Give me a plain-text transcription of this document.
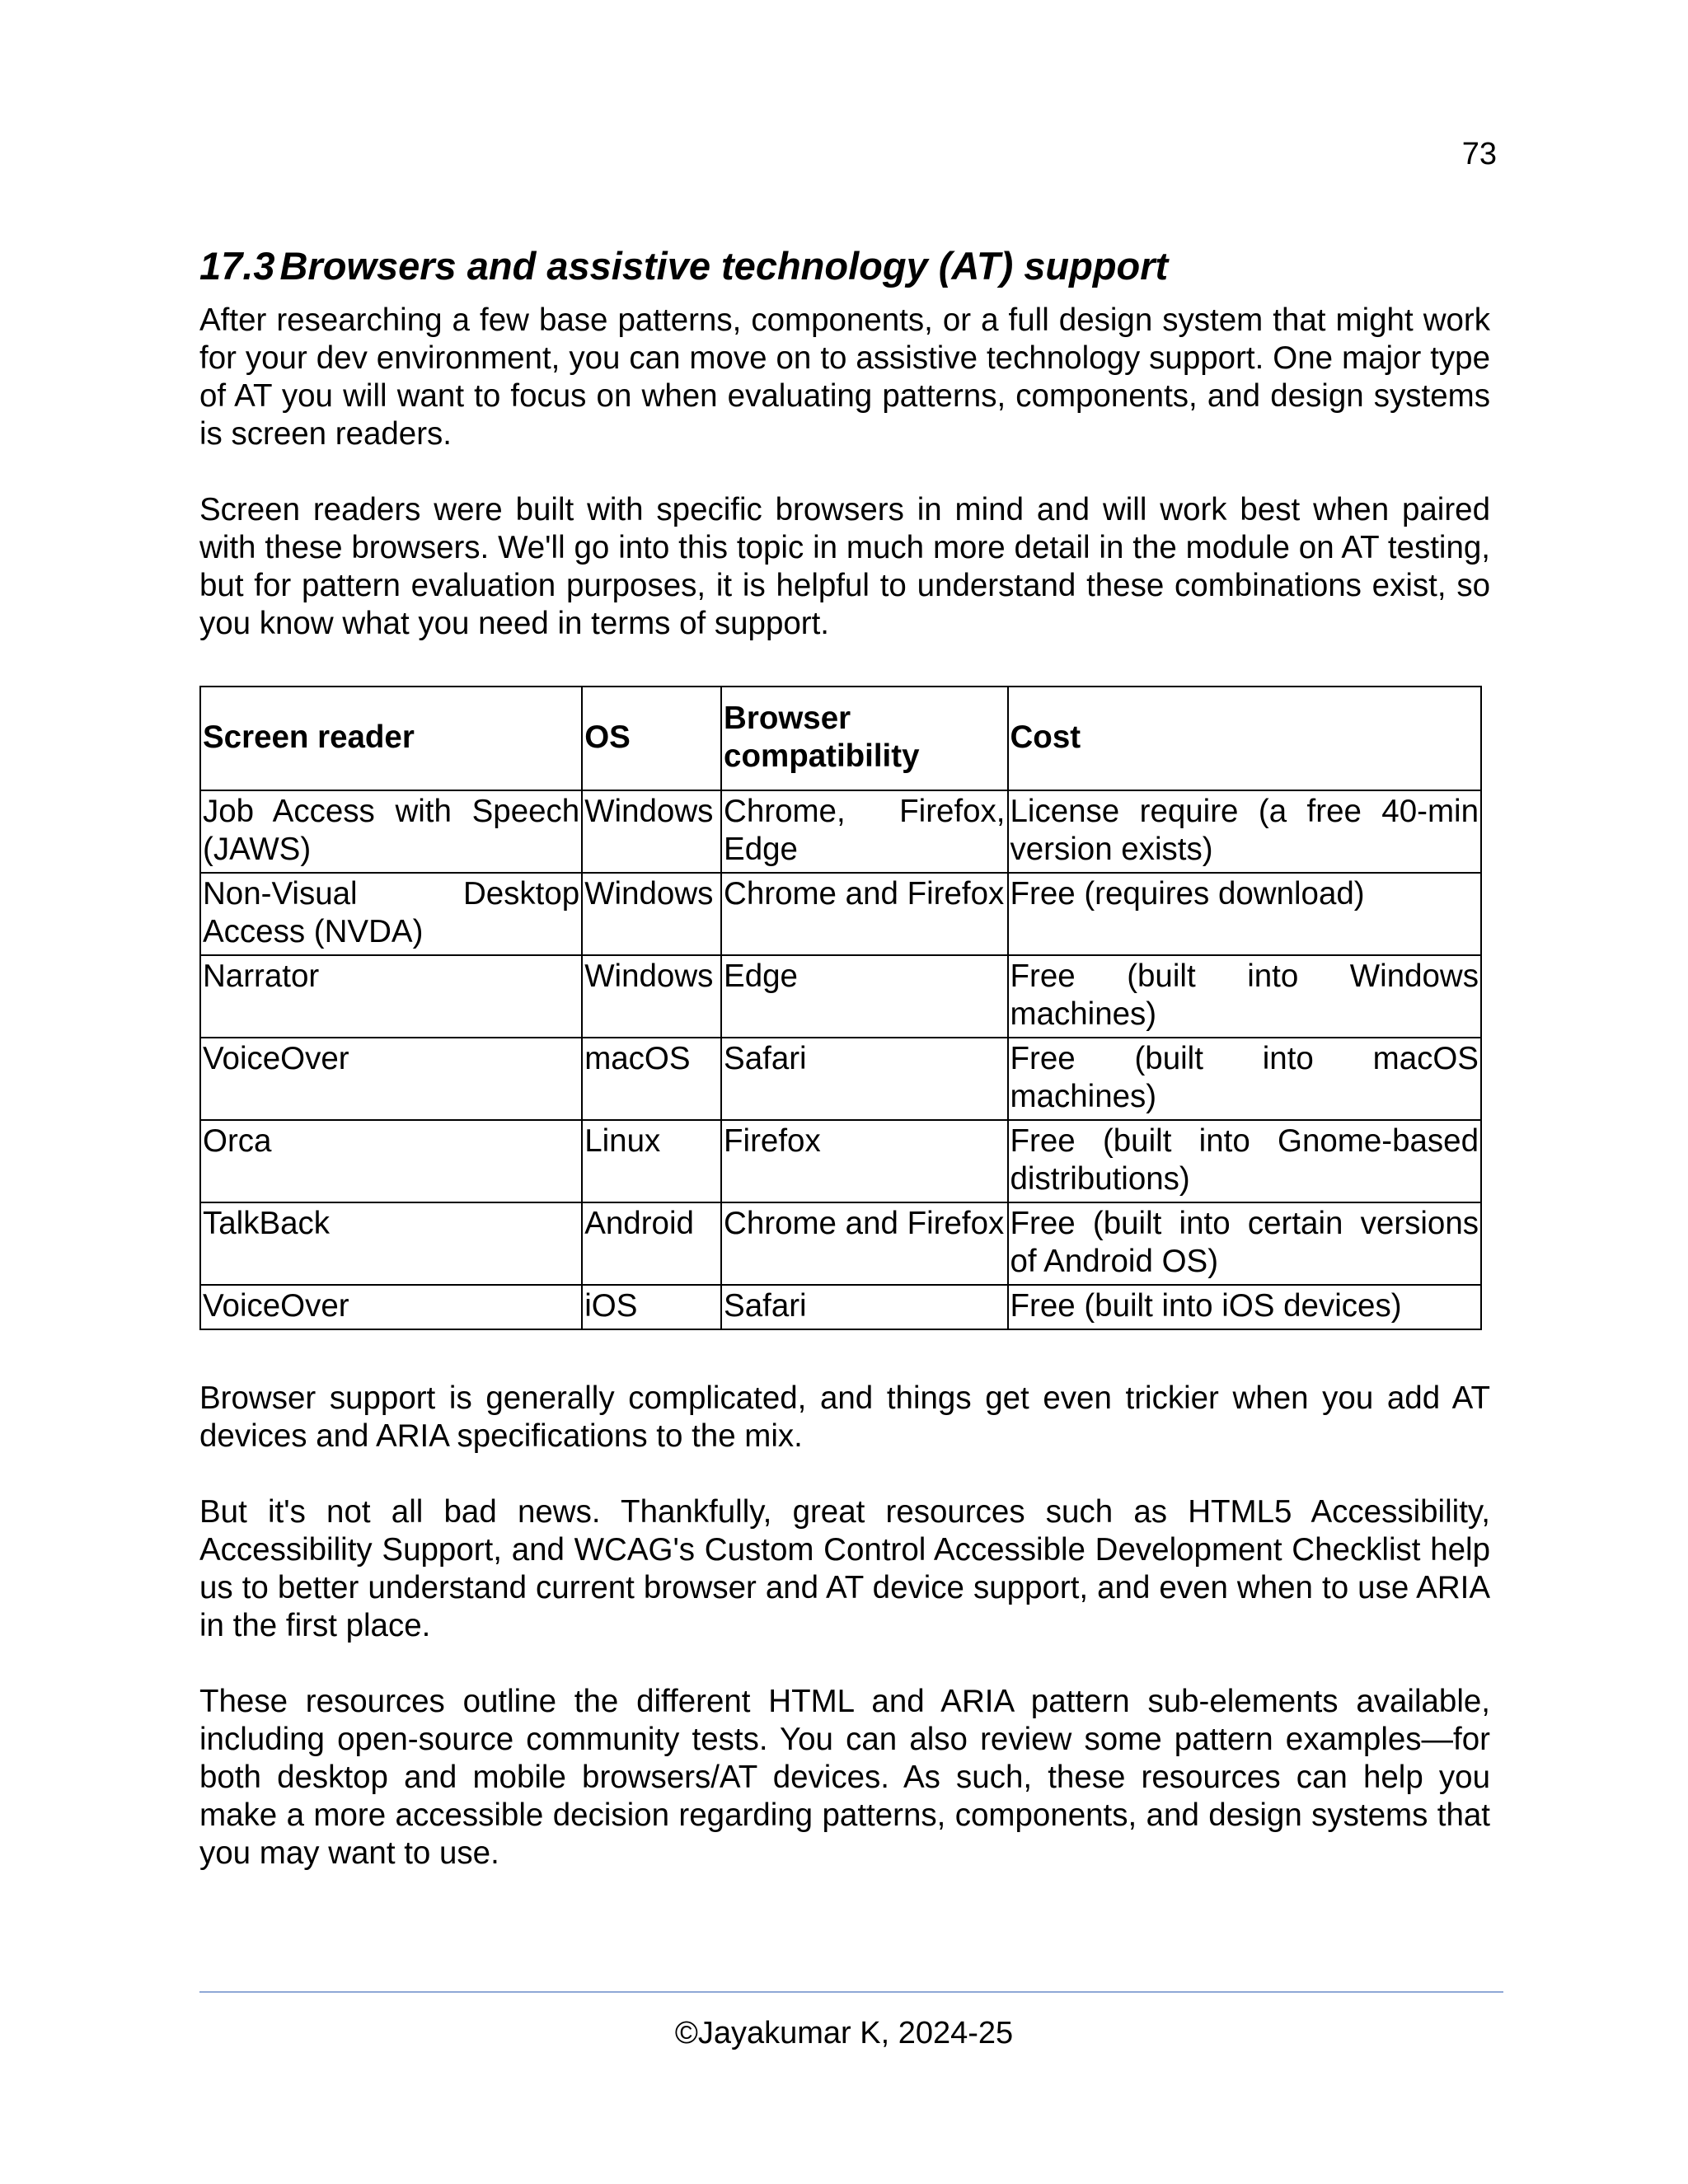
73
17.3 Browsers and assistive technology (AT) support

After researching a few base patterns, components, or a full design system that might work for your dev environment, you can move on to assistive technology support. One major type of AT you will want to focus on when evaluating patterns, components, and design systems is screen readers.

Screen readers were built with specific browsers in mind and will work best when paired with these browsers. We'll go into this topic in much more detail in the module on AT testing, but for pattern evaluation purposes, it is helpful to understand these combinations exist, so you know what you need in terms of support.

Screen reader	OS	Browser compatibility	Cost
Job Access with Speech (JAWS)	Windows	Chrome, Firefox, Edge	License require (a free 40-min version exists)
Non-Visual Desktop Access (NVDA)	Windows	Chrome and Firefox	Free (requires download)
Narrator	Windows	Edge	Free (built into Windows machines)
VoiceOver	macOS	Safari	Free (built into macOS machines)
Orca	Linux	Firefox	Free (built into Gnome-based distributions)
TalkBack	Android	Chrome and Firefox	Free (built into certain versions of Android OS)
VoiceOver	iOS	Safari	Free (built into iOS devices)

Browser support is generally complicated, and things get even trickier when you add AT devices and ARIA specifications to the mix.

But it's not all bad news. Thankfully, great resources such as HTML5 Accessibility, Accessibility Support, and WCAG's Custom Control Accessible Development Checklist help us to better understand current browser and AT device support, and even when to use ARIA in the first place.

These resources outline the different HTML and ARIA pattern sub-elements available, including open-source community tests. You can also review some pattern examples—for both desktop and mobile browsers/AT devices. As such, these resources can help you make a more accessible decision regarding patterns, components, and design systems that you may want to use.

©Jayakumar K, 2024-25
